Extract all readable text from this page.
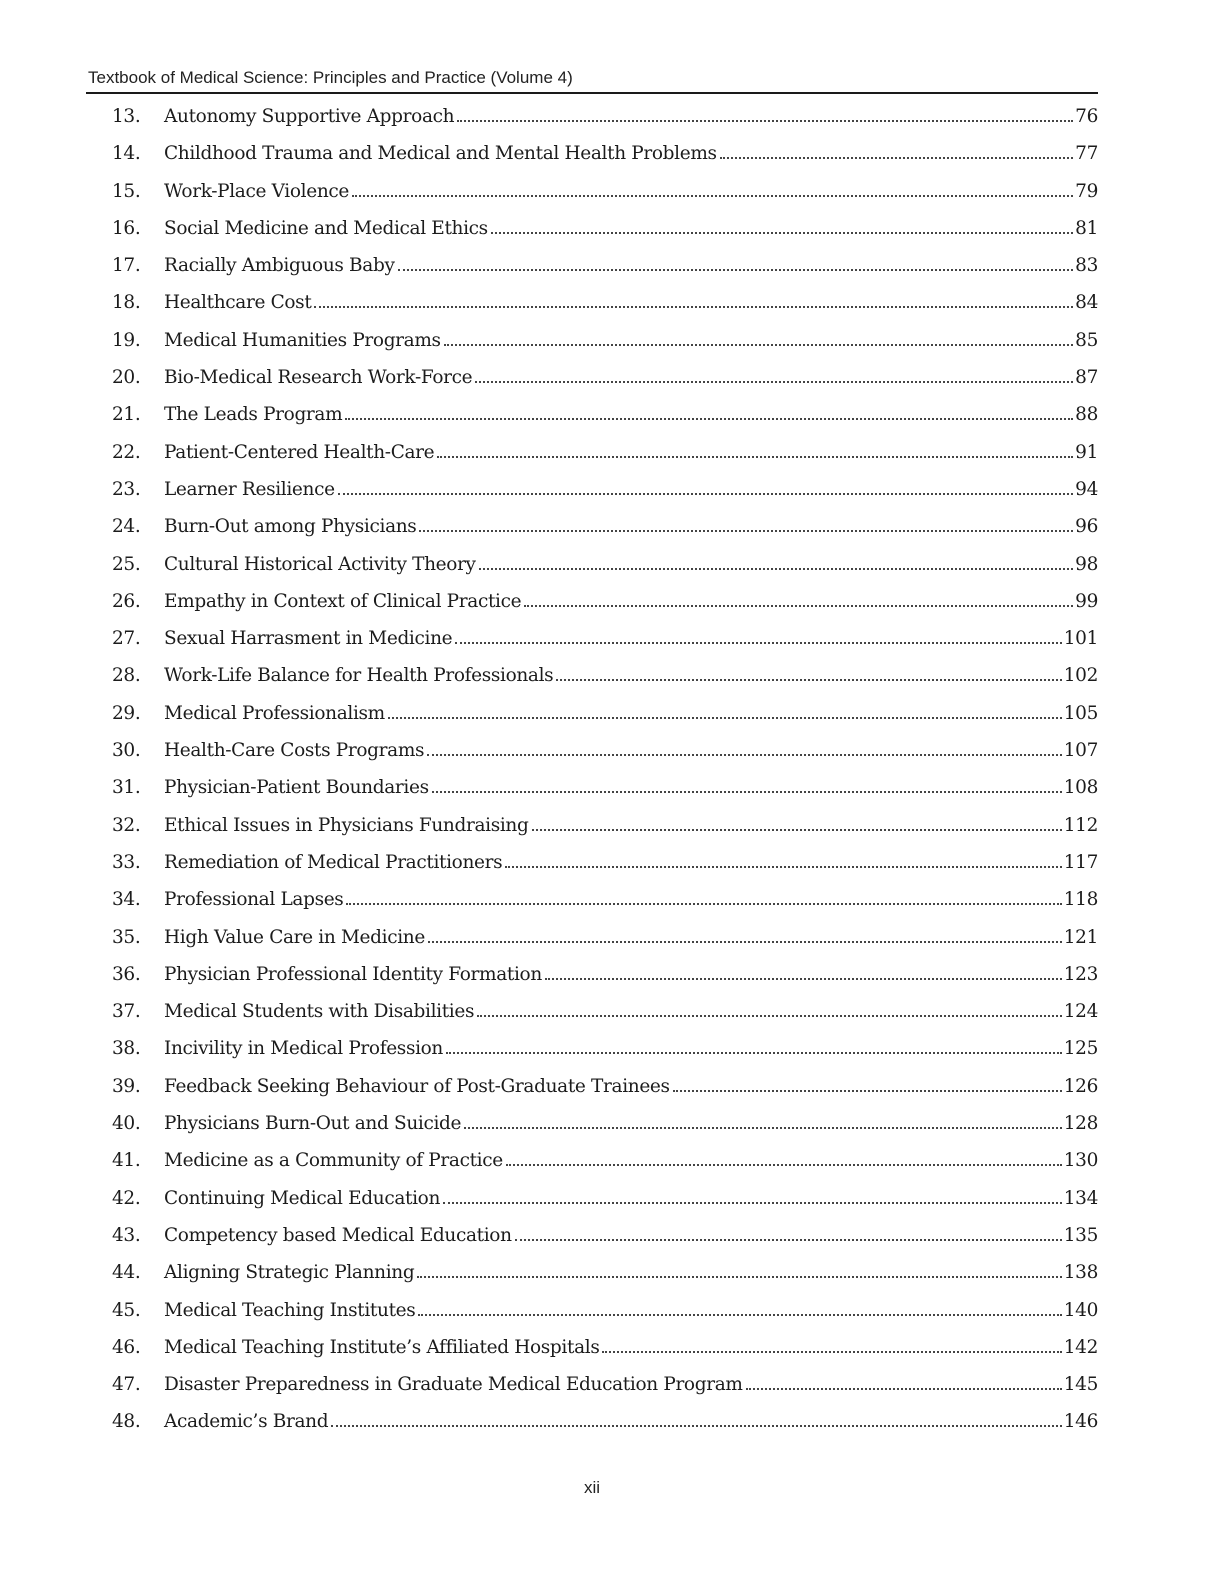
Textbook of Medical Science: Principles and Practice (Volume 4)
13.	Autonomy Supportive Approach	76
14.	Childhood Trauma and Medical and Mental Health Problems	77
15.	Work-Place Violence	79
16.	Social Medicine and Medical Ethics	81
17.	Racially Ambiguous Baby	83
18.	Healthcare Cost	84
19.	Medical Humanities Programs	85
20.	Bio-Medical Research Work-Force	87
21.	The Leads Program	88
22.	Patient-Centered Health-Care	91
23.	Learner Resilience	94
24.	Burn-Out among Physicians	96
25.	Cultural Historical Activity Theory	98
26.	Empathy in Context of Clinical Practice	99
27.	Sexual Harrasment in Medicine	101
28.	Work-Life Balance for Health Professionals	102
29.	Medical Professionalism	105
30.	Health-Care Costs Programs	107
31.	Physician-Patient Boundaries	108
32.	Ethical Issues in Physicians Fundraising	112
33.	Remediation of Medical Practitioners	117
34.	Professional Lapses	118
35.	High Value Care in Medicine	121
36.	Physician Professional Identity Formation	123
37.	Medical Students with Disabilities	124
38.	Incivility in Medical Profession	125
39.	Feedback Seeking Behaviour of Post-Graduate Trainees	126
40.	Physicians Burn-Out and Suicide	128
41.	Medicine as a Community of Practice	130
42.	Continuing Medical Education	134
43.	Competency based Medical Education	135
44.	Aligning Strategic Planning	138
45.	Medical Teaching Institutes	140
46.	Medical Teaching Institute’s Affiliated Hospitals	142
47.	Disaster Preparedness in Graduate Medical Education Program	145
48.	Academic’s Brand	146
xii
